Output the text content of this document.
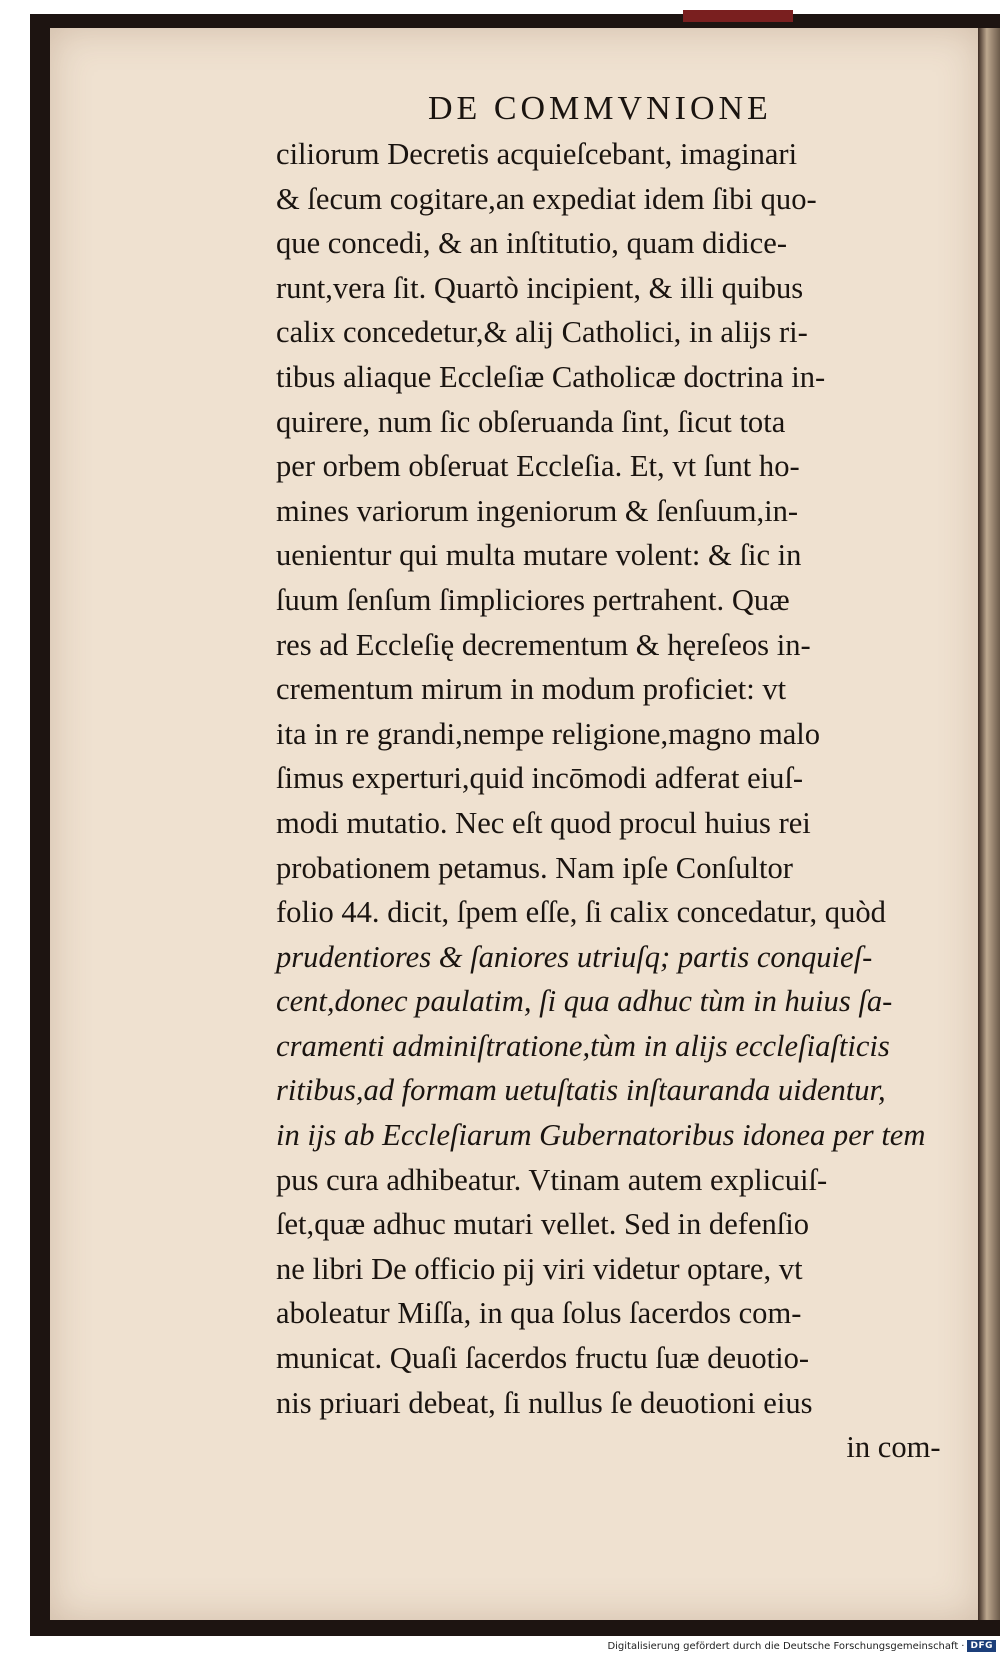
DE COMMVNIONE
ciliorum Decretis acquieſcebant, imaginari
& ſecum cogitare,an expediat idem ſibi quo-
que concedi, & an inſtitutio, quam didice-
runt,vera ſit. Quartò incipient, & illi quibus
calix concedetur,& alij Catholici, in alijs ri-
tibus aliaque Eccleſiæ Catholicæ doctrina in-
quirere, num ſic obſeruanda ſint, ſicut tota
per orbem obſeruat Eccleſia. Et, vt ſunt ho-
mines variorum ingeniorum & ſenſuum,in-
uenientur qui multa mutare volent: & ſic in
ſuum ſenſum ſimpliciores pertrahent. Quæ
res ad Eccleſię decrementum & hęreſeos in-
crementum mirum in modum proficiet: vt
ita in re grandi,nempe religione,magno malo
ſimus experturi,quid incōmodi adferat eiuſ-
modi mutatio. Nec eſt quod procul huius rei
probationem petamus. Nam ipſe Conſultor
folio 44. dicit, ſpem eſſe, ſi calix concedatur, quòd
prudentiores & ſaniores utriuſq; partis conquieſ-
cent,donec paulatim, ſi qua adhuc tùm in huius ſa-
cramenti adminiſtratione,tùm in alijs eccleſiaſticis
ritibus,ad formam uetuſtatis inſtauranda uidentur,
in ijs ab Eccleſiarum Gubernatoribus idonea per tem
pus cura adhibeatur. Vtinam autem explicuiſ-
ſet,quæ adhuc mutari vellet. Sed in defenſio
ne libri De officio pij viri videtur optare, vt
aboleatur Miſſa, in qua ſolus ſacerdos com-
municat. Quaſi ſacerdos fructu ſuæ deuotio-
nis priuari debeat, ſi nullus ſe deuotioni eius
in com-
Digitalisierung gefördert durch die Deutsche Forschungsgemeinschaft · DFG
